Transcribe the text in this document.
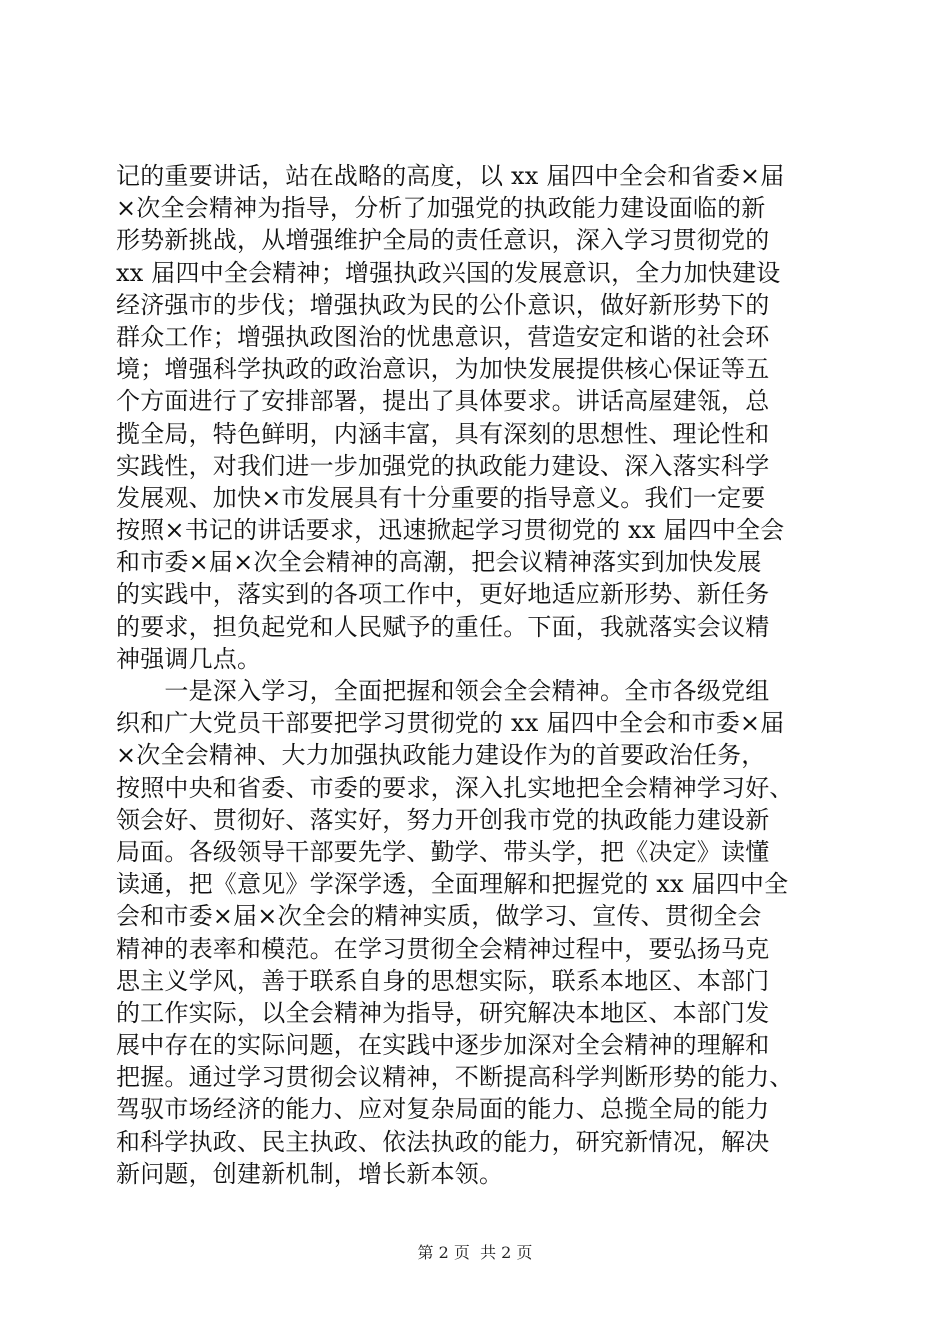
记的重要讲话，站在战略的高度，以 xx 届四中全会和省委×届
×次全会精神为指导，分析了加强党的执政能力建设面临的新
形势新挑战，从增强维护全局的责任意识，深入学习贯彻党的
xx 届四中全会精神；增强执政兴国的发展意识，全力加快建设
经济强市的步伐；增强执政为民的公仆意识，做好新形势下的
群众工作；增强执政图治的忧患意识，营造安定和谐的社会环
境；增强科学执政的政治意识，为加快发展提供核心保证等五
个方面进行了安排部署，提出了具体要求。讲话高屋建瓴，总
揽全局，特色鲜明，内涵丰富，具有深刻的思想性、理论性和
实践性，对我们进一步加强党的执政能力建设、深入落实科学
发展观、加快×市发展具有十分重要的指导意义。我们一定要
按照×书记的讲话要求，迅速掀起学习贯彻党的 xx 届四中全会
和市委×届×次全会精神的高潮，把会议精神落实到加快发展
的实践中，落实到的各项工作中，更好地适应新形势、新任务
的要求，担负起党和人民赋予的重任。下面，我就落实会议精
神强调几点。
　　一是深入学习，全面把握和领会全会精神。全市各级党组
织和广大党员干部要把学习贯彻党的 xx 届四中全会和市委×届
×次全会精神、大力加强执政能力建设作为的首要政治任务，
按照中央和省委、市委的要求，深入扎实地把全会精神学习好、
领会好、贯彻好、落实好，努力开创我市党的执政能力建设新
局面。各级领导干部要先学、勤学、带头学，把《决定》读懂
读通，把《意见》学深学透，全面理解和把握党的 xx 届四中全
会和市委×届×次全会的精神实质，做学习、宣传、贯彻全会
精神的表率和模范。在学习贯彻全会精神过程中，要弘扬马克
思主义学风，善于联系自身的思想实际，联系本地区、本部门
的工作实际，以全会精神为指导，研究解决本地区、本部门发
展中存在的实际问题，在实践中逐步加深对全会精神的理解和
把握。通过学习贯彻会议精神，不断提高科学判断形势的能力、
驾驭市场经济的能力、应对复杂局面的能力、总揽全局的能力
和科学执政、民主执政、依法执政的能力，研究新情况，解决
新问题，创建新机制，增长新本领。
第 2 页 共 2 页
